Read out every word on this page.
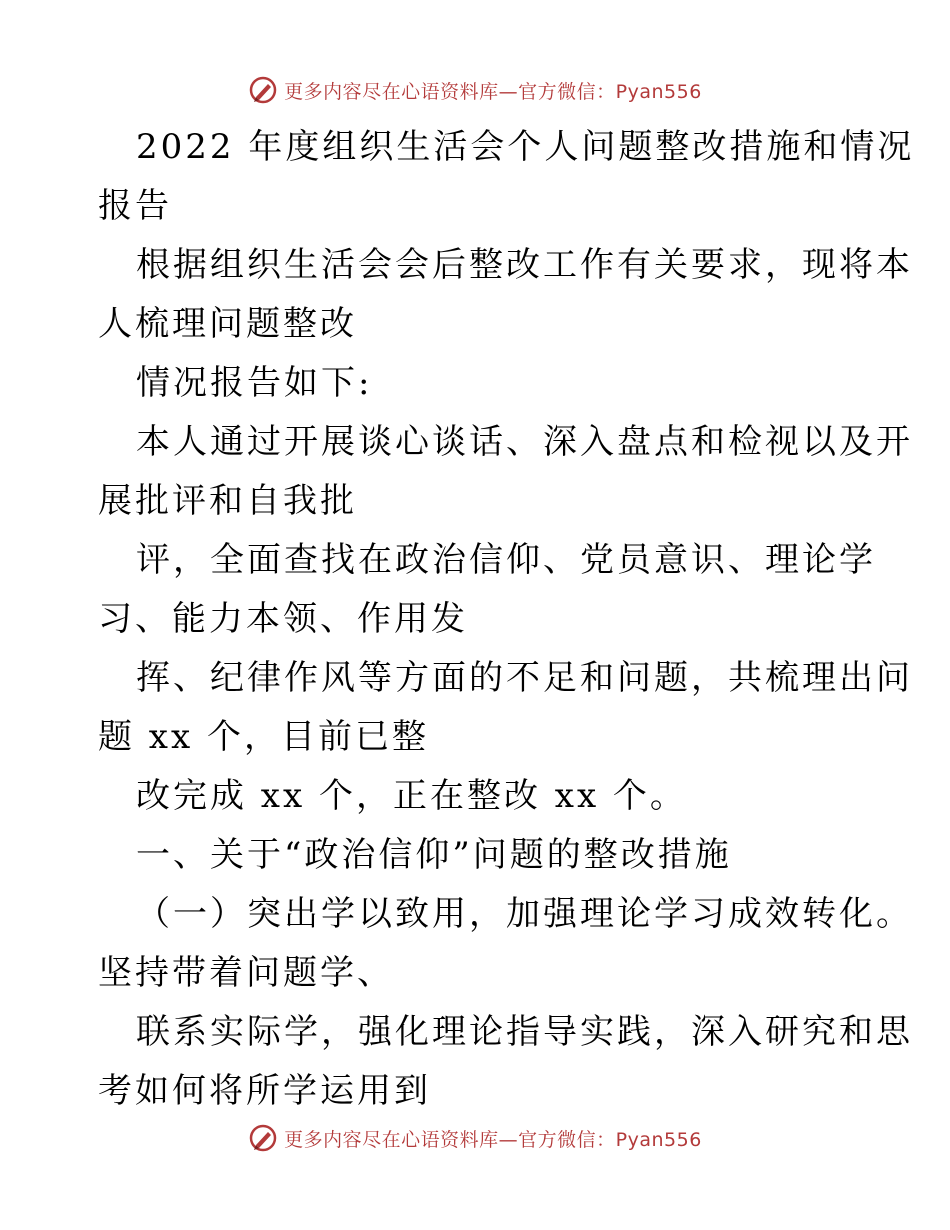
更多内容尽在心语资料库—官方微信：Pyan556
2022 年度组织生活会个人问题整改措施和情况
报告
根据组织生活会会后整改工作有关要求，现将本
人梳理问题整改
情况报告如下:
本人通过开展谈心谈话、深入盘点和检视以及开
展批评和自我批
评，全面查找在政治信仰、党员意识、理论学
习、能力本领、作用发
挥、纪律作风等方面的不足和问题，共梳理出问
题 xx 个，目前已整
改完成 xx 个，正在整改 xx 个。
一、关于“政治信仰”问题的整改措施
（一）突出学以致用，加强理论学习成效转化。
坚持带着问题学、
联系实际学，强化理论指导实践，深入研究和思
考如何将所学运用到
更多内容尽在心语资料库—官方微信：Pyan556
